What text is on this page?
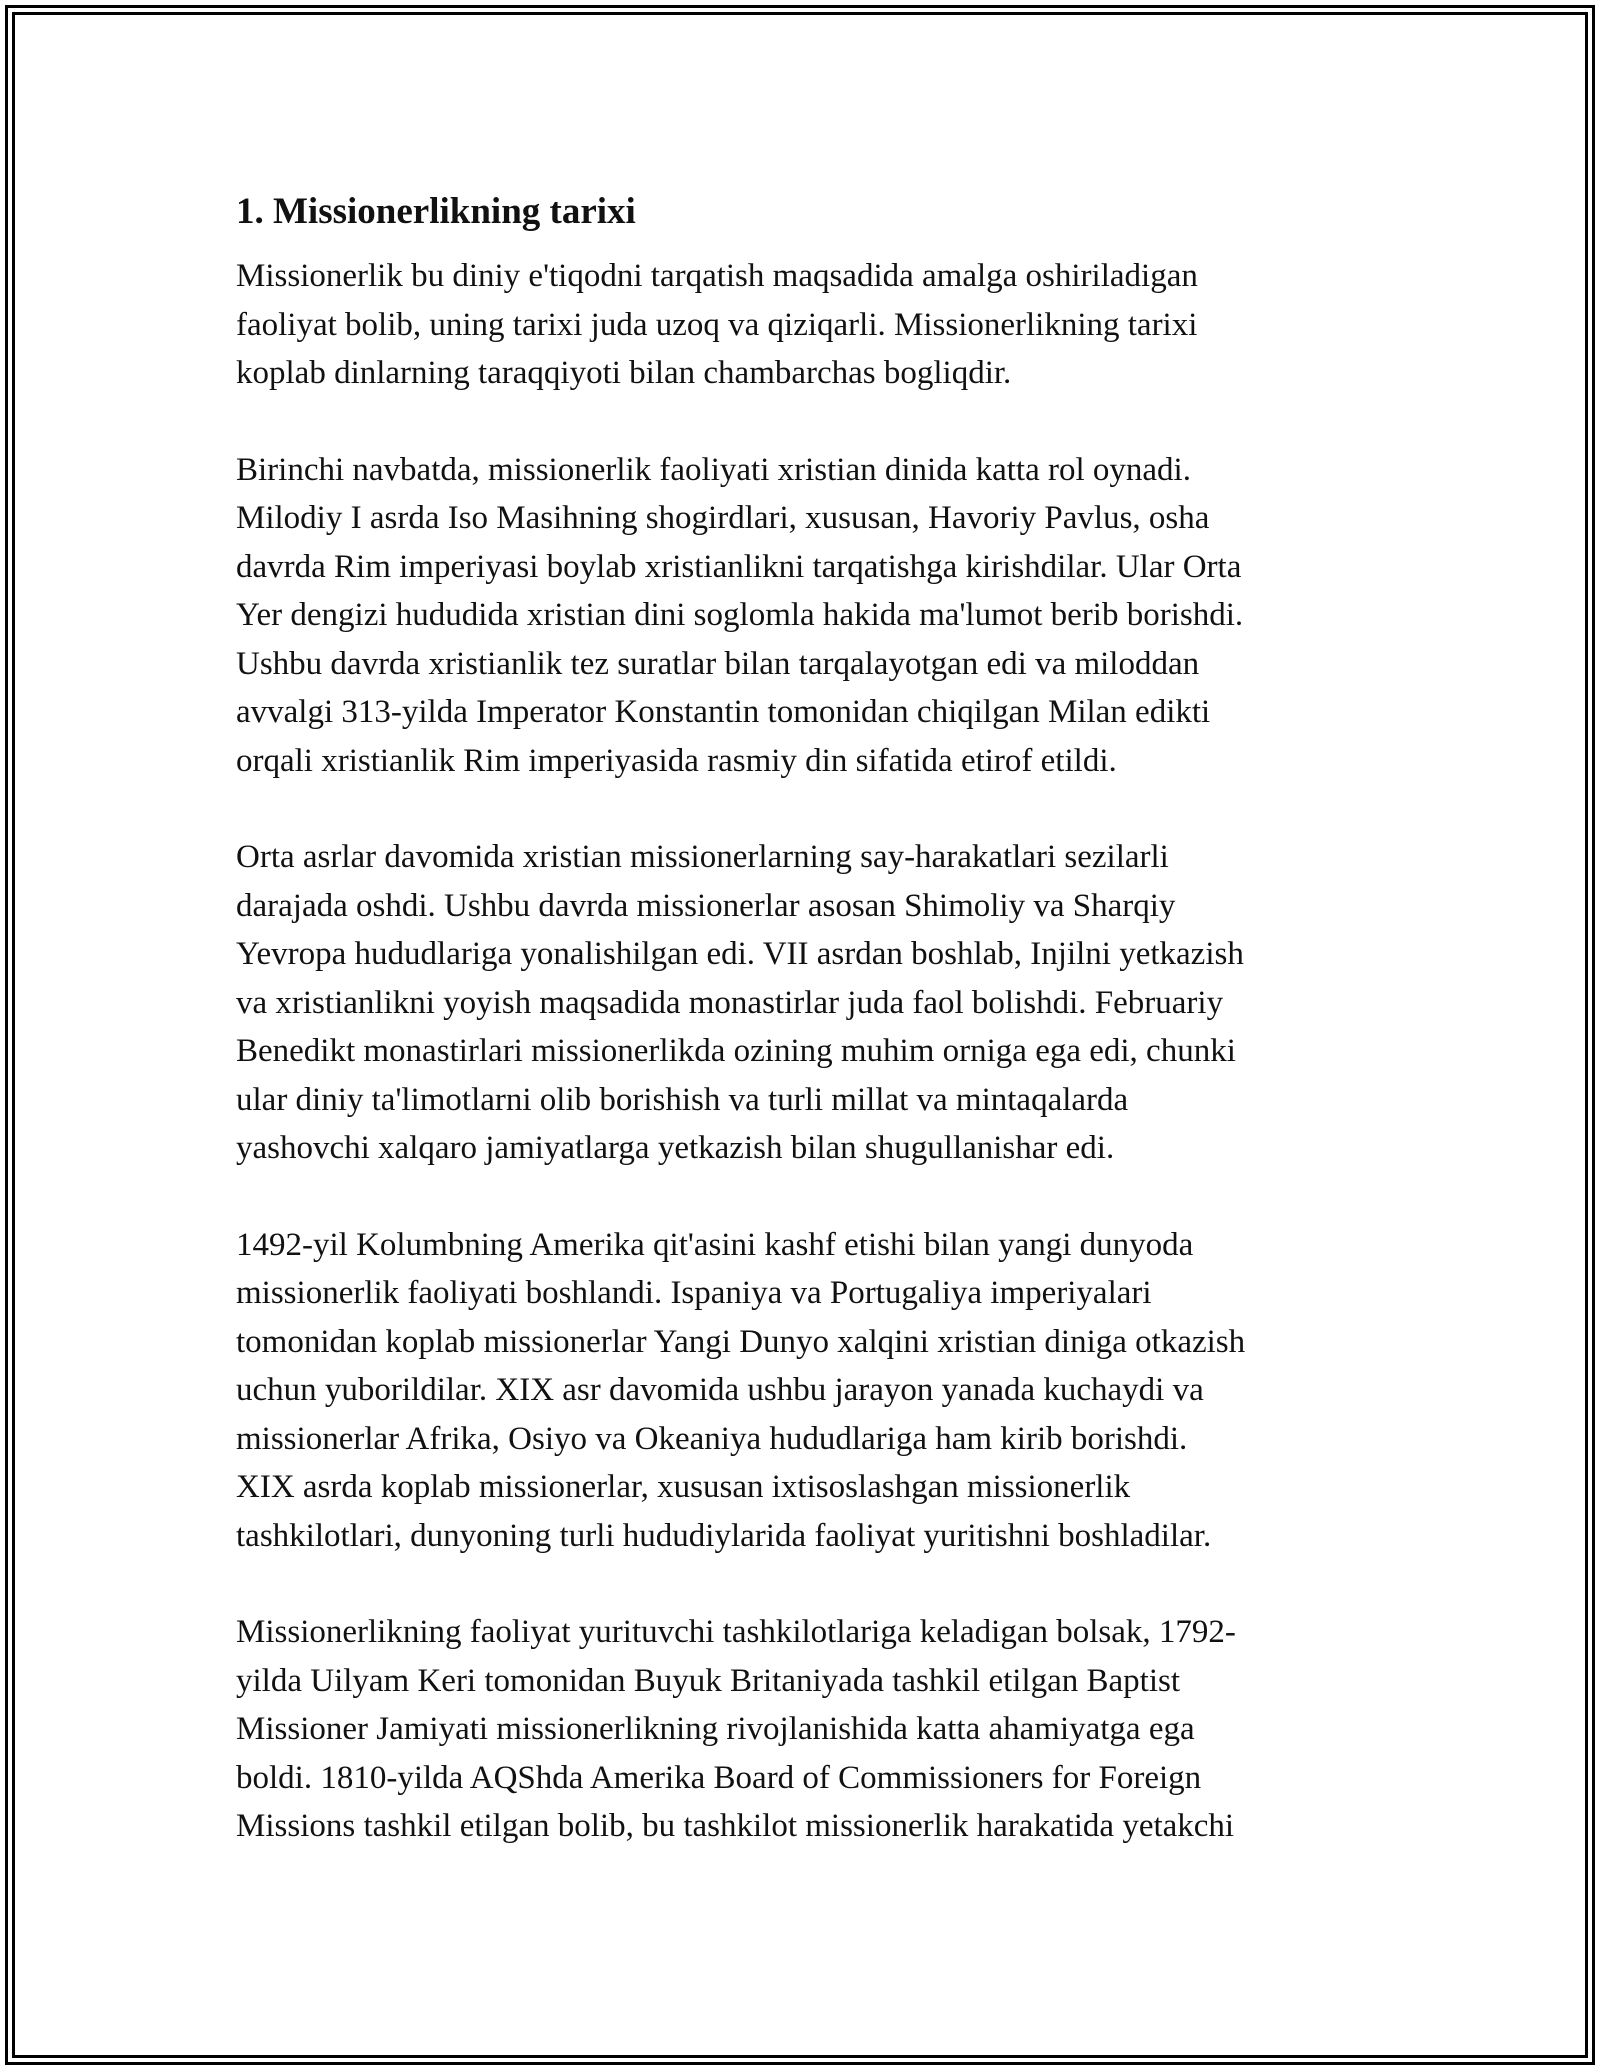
1. Missionerlikning tarixi

Missionerlik bu diniy e'tiqodni tarqatish maqsadida amalga oshiriladigan
faoliyat bolib, uning tarixi juda uzoq va qiziqarli. Missionerlikning tarixi
koplab dinlarning taraqqiyoti bilan chambarchas bogliqdir.

Birinchi navbatda, missionerlik faoliyati xristian dinida katta rol oynadi.
Milodiy I asrda Iso Masihning shogirdlari, xususan, Havoriy Pavlus, osha
davrda Rim imperiyasi boylab xristianlikni tarqatishga kirishdilar. Ular Orta
Yer dengizi hududida xristian dini soglomla hakida ma'lumot berib borishdi.
Ushbu davrda xristianlik tez suratlar bilan tarqalayotgan edi va miloddan
avvalgi 313-yilda Imperator Konstantin tomonidan chiqilgan Milan edikti
orqali xristianlik Rim imperiyasida rasmiy din sifatida etirof etildi.

Orta asrlar davomida xristian missionerlarning say-harakatlari sezilarli
darajada oshdi. Ushbu davrda missionerlar asosan Shimoliy va Sharqiy
Yevropa hududlariga yonalishilgan edi. VII asrdan boshlab, Injilni yetkazish
va xristianlikni yoyish maqsadida monastirlar juda faol bolishdi. Februariy
Benedikt monastirlari missionerlikda ozining muhim orniga ega edi, chunki
ular diniy ta'limotlarni olib borishish va turli millat va mintaqalarda
yashovchi xalqaro jamiyatlarga yetkazish bilan shugullanishar edi.

1492-yil Kolumbning Amerika qit'asini kashf etishi bilan yangi dunyoda
missionerlik faoliyati boshlandi. Ispaniya va Portugaliya imperiyalari
tomonidan koplab missionerlar Yangi Dunyo xalqini xristian diniga otkazish
uchun yuborildilar. XIX asr davomida ushbu jarayon yanada kuchaydi va
missionerlar Afrika, Osiyo va Okeaniya hududlariga ham kirib borishdi.
XIX asrda koplab missionerlar, xususan ixtisoslashgan missionerlik
tashkilotlari, dunyoning turli hududiylarida faoliyat yuritishni boshladilar.

Missionerlikning faoliyat yurituvchi tashkilotlariga keladigan bolsak, 1792-
yilda Uilyam Keri tomonidan Buyuk Britaniyada tashkil etilgan Baptist
Missioner Jamiyati missionerlikning rivojlanishida katta ahamiyatga ega
boldi. 1810-yilda AQShda Amerika Board of Commissioners for Foreign
Missions tashkil etilgan bolib, bu tashkilot missionerlik harakatida yetakchi
